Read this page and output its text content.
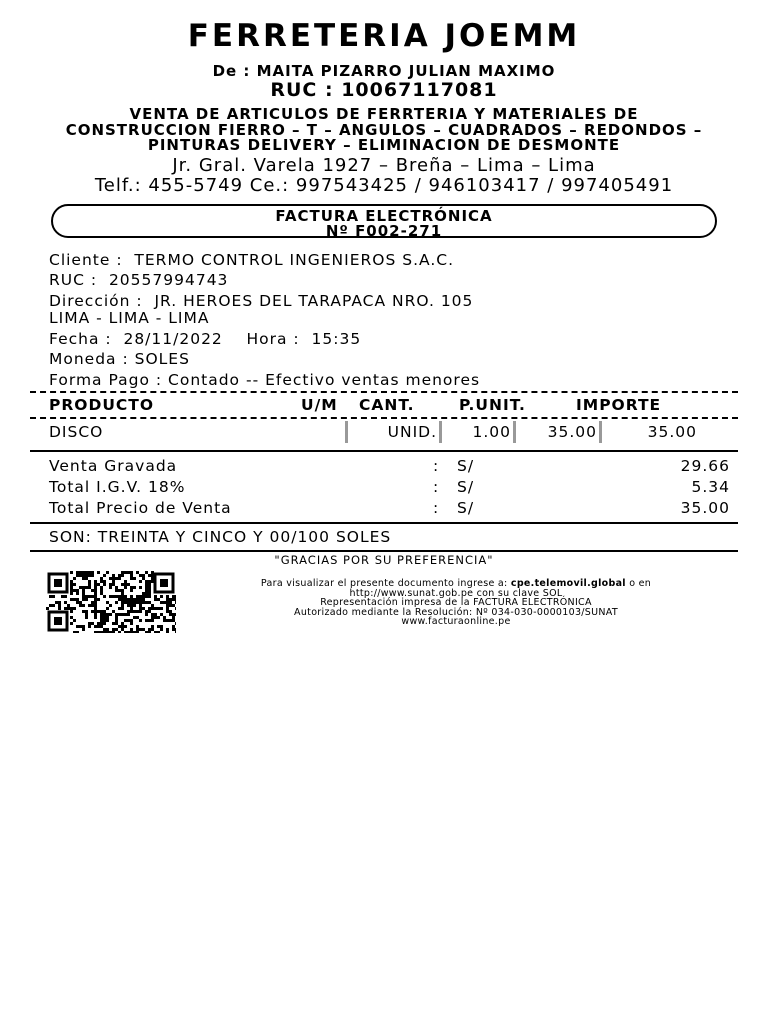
FERRETERIA JOEMM
De : MAITA PIZARRO JULIAN MAXIMO
RUC : 10067117081
VENTA DE ARTICULOS DE FERRTERIA Y MATERIALES DE CONSTRUCCION FIERRO – T – ANGULOS – CUADRADOS – REDONDOS – PINTURAS DELIVERY – ELIMINACION DE DESMONTE
Jr. Gral. Varela 1927 – Breña – Lima – Lima
Telf.: 455-5749 Ce.: 997543425 / 946103417 / 997405491
FACTURA ELECTRÓNICA
Nº F002-271
Cliente :  TERMO CONTROL INGENIEROS S.A.C.
RUC :  20557994743
Dirección :  JR. HEROES DEL TARAPACA NRO. 105
LIMA - LIMA - LIMA
Fecha :  28/11/2022    Hora :  15:35
Moneda : SOLES
Forma Pago : Contado -- Efectivo ventas menores
PRODUCTO	U/M	CANT.	P.UNIT.	IMPORTE
DISCO	UNID.	1.00	35.00	35.00
Venta Gravada	:	S/	29.66
Total I.G.V. 18%	:	S/	5.34
Total Precio de Venta	:	S/	35.00
SON: TREINTA Y CINCO Y 00/100 SOLES
"GRACIAS POR SU PREFERENCIA"
Para visualizar el presente documento ingrese a: cpe.telemovil.global o en
http://www.sunat.gob.pe con su clave SOL
Representación impresa de la FACTURA ELECTRÓNICA
Autorizado mediante la Resolución: Nº 034-030-0000103/SUNAT
www.facturaonline.pe
